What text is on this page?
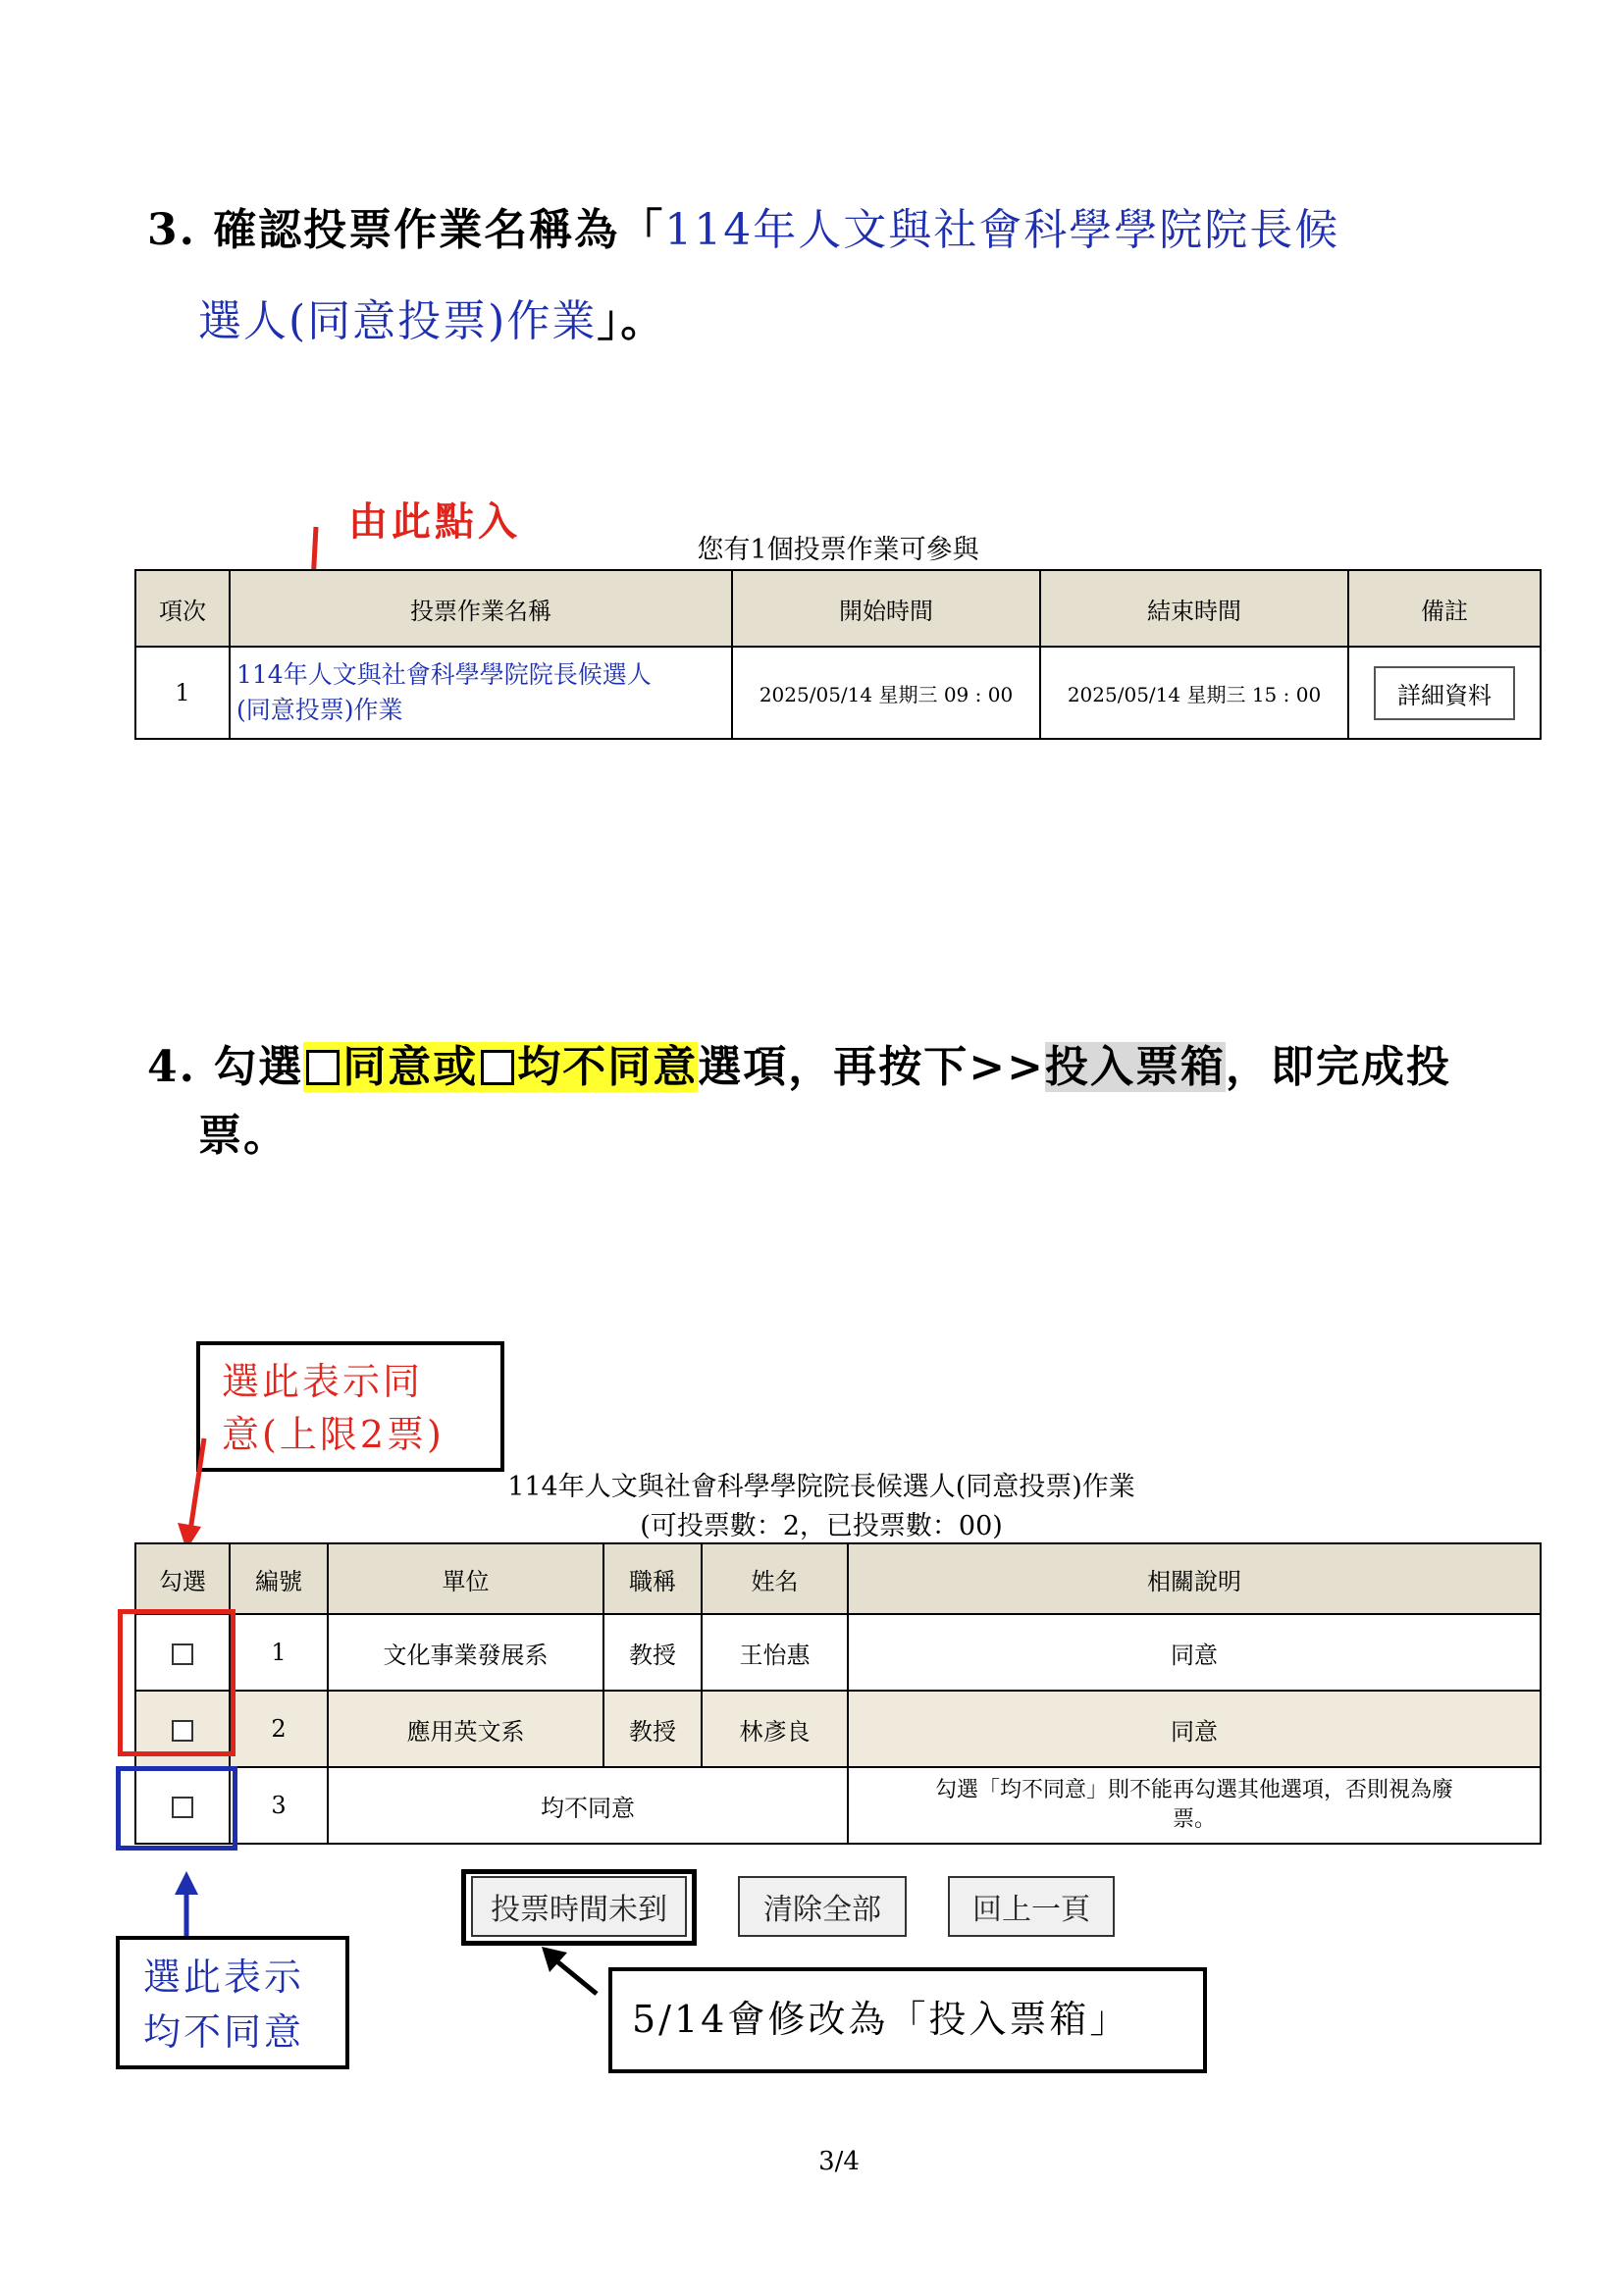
3. 確認投票作業名稱為「114年人文與社會科學學院院長候
選人(同意投票)作業」。
由此點入
您有1個投票作業可參與
項次	投票作業名稱	開始時間	結束時間	備註
1	114年人文與社會科學學院院長候選人
(同意投票)作業	2025/05/14 星期三 09 : 00	2025/05/14 星期三 15 : 00	詳細資料
4. 勾選 同意或 均不同意選項，再按下>>投入票箱，即完成投
票。
選此表示同
意(上限2票)
114年人文與社會科學學院院長候選人(同意投票)作業
(可投票數：2，已投票數：00)
勾選	編號	單位	職稱	姓名	相關說明
	1	文化事業發展系	教授	王怡惠	同意
	2	應用英文系	教授	林彥良	同意
	3	均不同意			勾選「均不同意」則不能再勾選其他選項，否則視為廢
票。
選此表示
均不同意
投票時間未到	清除全部	回上一頁
5/14會修改為「投入票箱」
3/4
